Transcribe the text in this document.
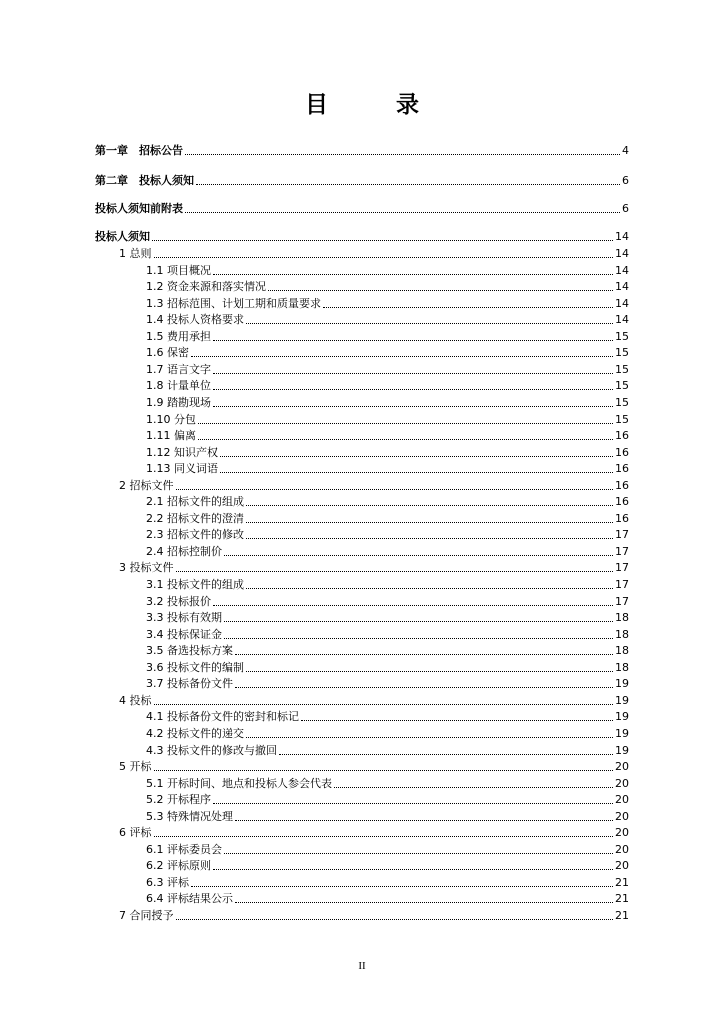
目 录
第一章　招标公告	4
第二章　投标人须知	6
投标人须知前附表	6
投标人须知	14
1 总则	14
1.1 项目概况	14
1.2 资金来源和落实情况	14
1.3 招标范围、计划工期和质量要求	14
1.4 投标人资格要求	14
1.5 费用承担	15
1.6 保密	15
1.7 语言文字	15
1.8 计量单位	15
1.9 踏勘现场	15
1.10 分包	15
1.11 偏离	16
1.12 知识产权	16
1.13 同义词语	16
2 招标文件	16
2.1 招标文件的组成	16
2.2 招标文件的澄清	16
2.3 招标文件的修改	17
2.4 招标控制价	17
3 投标文件	17
3.1 投标文件的组成	17
3.2 投标报价	17
3.3 投标有效期	18
3.4 投标保证金	18
3.5 备选投标方案	18
3.6 投标文件的编制	18
3.7 投标备份文件	19
4 投标	19
4.1 投标备份文件的密封和标记	19
4.2 投标文件的递交	19
4.3 投标文件的修改与撤回	19
5 开标	20
5.1 开标时间、地点和投标人参会代表	20
5.2 开标程序	20
5.3 特殊情况处理	20
6 评标	20
6.1 评标委员会	20
6.2 评标原则	20
6.3 评标	21
6.4 评标结果公示	21
7 合同授予	21
II
